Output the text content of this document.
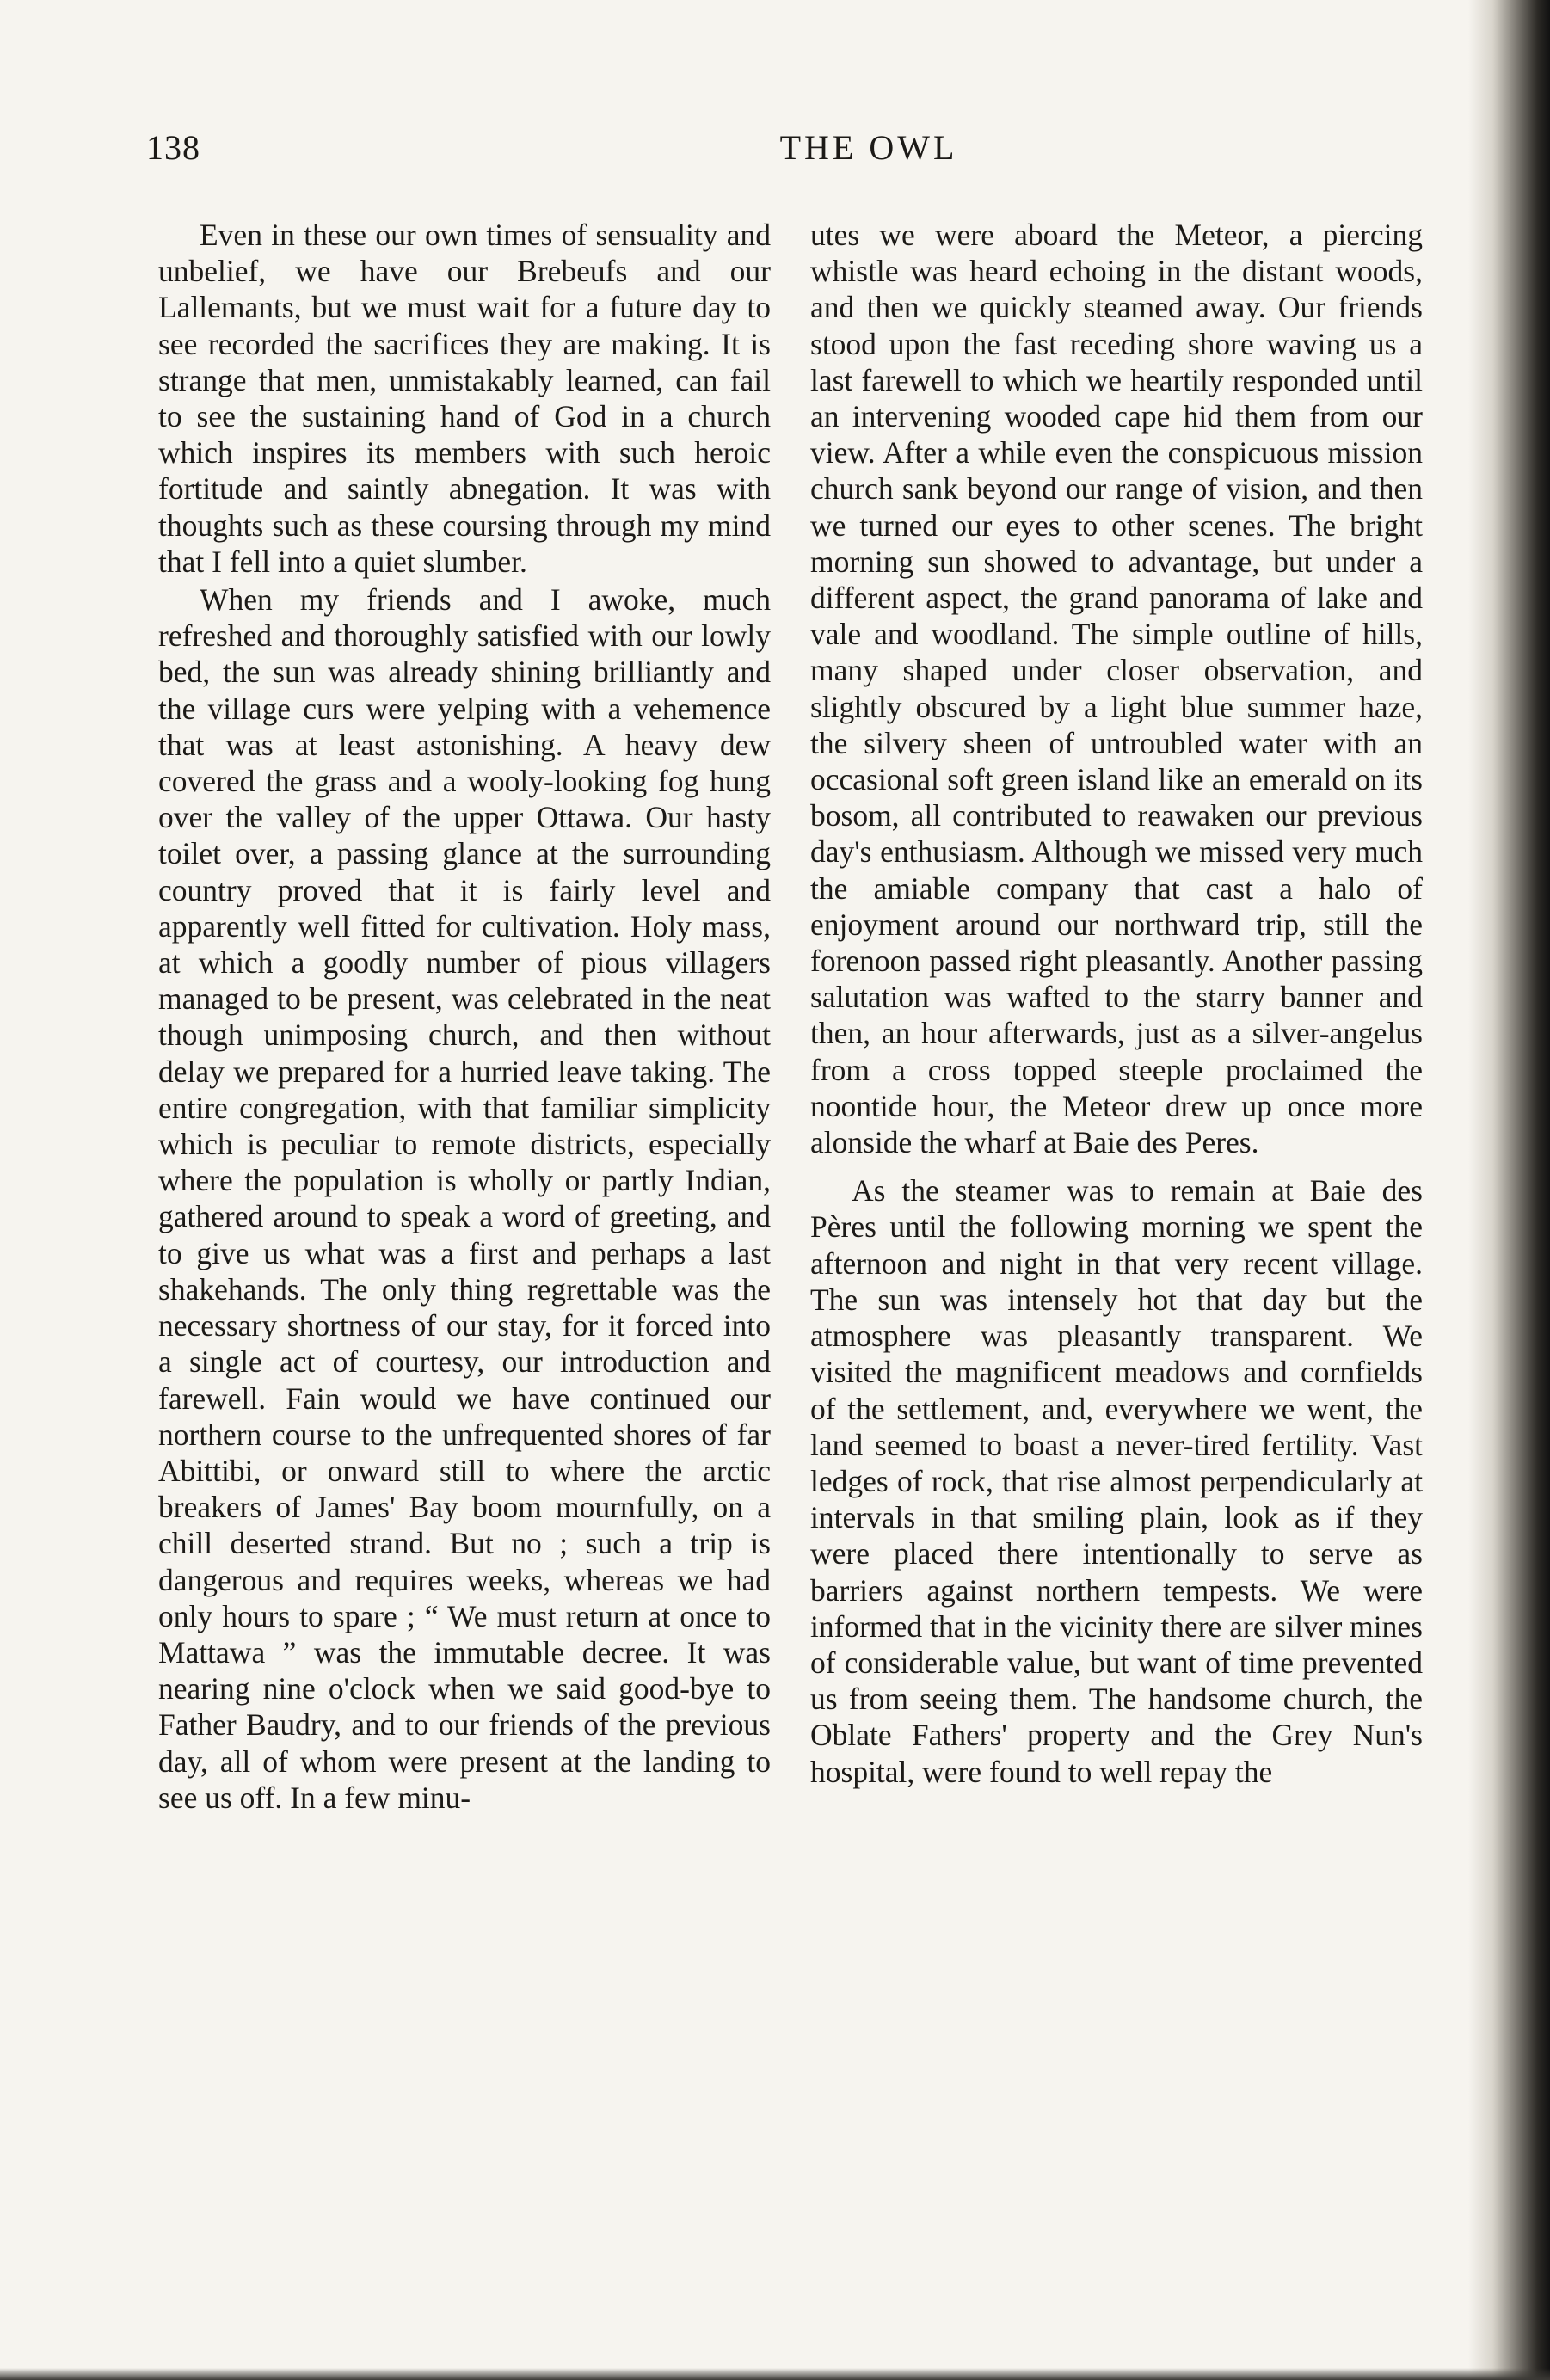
138	THE OWL

Even in these our own times of sensuality and unbelief, we have our Brebeufs and our Lallemants, but we must wait for a future day to see recorded the sacrifices they are making. It is strange that men, unmistakably learned, can fail to see the sustaining hand of God in a church which inspires its members with such heroic fortitude and saintly abnegation. It was with thoughts such as these coursing through my mind that I fell into a quiet slumber.

When my friends and I awoke, much refreshed and thoroughly satisfied with our lowly bed, the sun was already shining brilliantly and the village curs were yelping with a vehemence that was at least astonishing. A heavy dew covered the grass and a wooly-looking fog hung over the valley of the upper Ottawa. Our hasty toilet over, a passing glance at the surrounding country proved that it is fairly level and apparently well fitted for cultivation. Holy mass, at which a goodly number of pious villagers managed to be present, was celebrated in the neat though unimposing church, and then without delay we prepared for a hurried leave taking. The entire congregation, with that familiar simplicity which is peculiar to remote districts, especially where the population is wholly or partly Indian, gathered around to speak a word of greeting, and to give us what was a first and perhaps a last shakehands. The only thing regrettable was the necessary shortness of our stay, for it forced into a single act of courtesy, our introduction and farewell. Fain would we have continued our northern course to the unfrequented shores of far Abittibi, or onward still to where the arctic breakers of James' Bay boom mournfully, on a chill deserted strand. But no ; such a trip is dangerous and requires weeks, whereas we had only hours to spare ; “ We must return at once to Mattawa ” was the immutable decree. It was nearing nine o'clock when we said good-bye to Father Baudry, and to our friends of the previous day, all of whom were present at the landing to see us off. In a few minu-

utes we were aboard the Meteor, a piercing whistle was heard echoing in the distant woods, and then we quickly steamed away. Our friends stood upon the fast receding shore waving us a last farewell to which we heartily responded until an intervening wooded cape hid them from our view. After a while even the conspicuous mission church sank beyond our range of vision, and then we turned our eyes to other scenes. The bright morning sun showed to advantage, but under a different aspect, the grand panorama of lake and vale and woodland. The simple outline of hills, many shaped under closer observation, and slightly obscured by a light blue summer haze, the silvery sheen of untroubled water with an occasional soft green island like an emerald on its bosom, all contributed to reawaken our previous day's enthusiasm. Although we missed very much the amiable company that cast a halo of enjoyment around our northward trip, still the forenoon passed right pleasantly. Another passing salutation was wafted to the starry banner and then, an hour afterwards, just as a silver-angelus from a cross topped steeple proclaimed the noontide hour, the Meteor drew up once more alonside the wharf at Baie des Peres.

As the steamer was to remain at Baie des Pères until the following morning we spent the afternoon and night in that very recent village. The sun was intensely hot that day but the atmosphere was pleasantly transparent. We visited the magnificent meadows and cornfields of the settlement, and, everywhere we went, the land seemed to boast a never-tired fertility. Vast ledges of rock, that rise almost perpendicularly at intervals in that smiling plain, look as if they were placed there intentionally to serve as barriers against northern tempests. We were informed that in the vicinity there are silver mines of considerable value, but want of time prevented us from seeing them. The handsome church, the Oblate Fathers' property and the Grey Nun's hospital, were found to well repay the
